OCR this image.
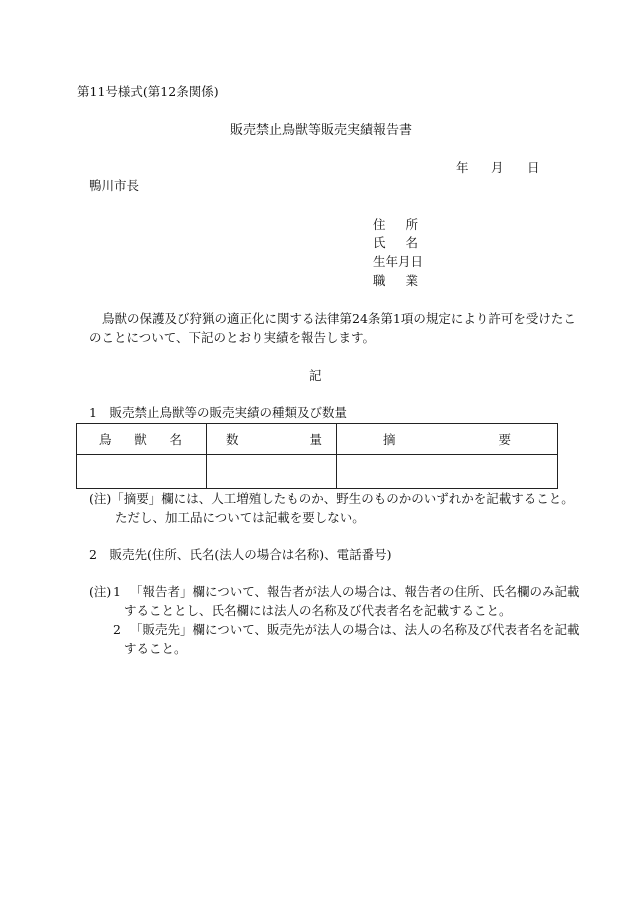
第11号様式(第12条関係)
販売禁止鳥獣等販売実績報告書
年 月 日
鴨川市長
住 所
氏 名
生年月日
職 業
鳥獣の保護及び狩猟の適正化に関する法律第24条第1項の規定により許可を受けたこ
のことについて、下記のとおり実績を報告します。
記
1　販売禁止鳥獣等の販売実績の種類及び数量
鳥 獣 名	数 量	摘 要

(注)「摘要」欄には、人工増殖したものか、野生のものかのいずれかを記載すること。
ただし、加工品については記載を要しない。
2　販売先(住所、氏名(法人の場合は名称)、電話番号)
(注) 1 「報告者」欄について、報告者が法人の場合は、報告者の住所、氏名欄のみ記載
することとし、氏名欄には法人の名称及び代表者名を記載すること。
2 「販売先」欄について、販売先が法人の場合は、法人の名称及び代表者名を記載
すること。
